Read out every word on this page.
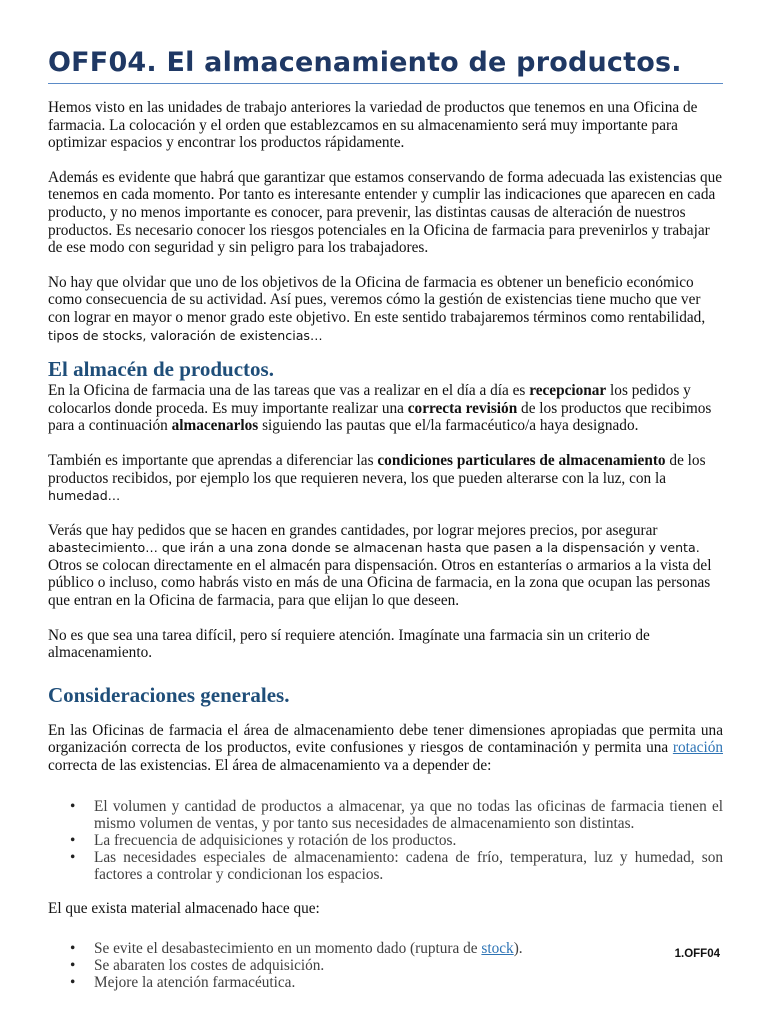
OFF04. El almacenamiento de productos.

Hemos visto en las unidades de trabajo anteriores la variedad de productos que tenemos en una Oficina de farmacia. La colocación y el orden que establezcamos en su almacenamiento será muy importante para optimizar espacios y encontrar los productos rápidamente.

Además es evidente que habrá que garantizar que estamos conservando de forma adecuada las existencias que tenemos en cada momento. Por tanto es interesante entender y cumplir las indicaciones que aparecen en cada producto, y no menos importante es conocer, para prevenir, las distintas causas de alteración de nuestros productos. Es necesario conocer los riesgos potenciales en la Oficina de farmacia para prevenirlos y trabajar de ese modo con seguridad y sin peligro para los trabajadores.

No hay que olvidar que uno de los objetivos de la Oficina de farmacia es obtener un beneficio económico como consecuencia de su actividad. Así pues, veremos cómo la gestión de existencias tiene mucho que ver con lograr en mayor o menor grado este objetivo. En este sentido trabajaremos términos como rentabilidad, tipos de stocks, valoración de existencias…

El almacén de productos.

En la Oficina de farmacia una de las tareas que vas a realizar en el día a día es recepcionar los pedidos y colocarlos donde proceda. Es muy importante realizar una correcta revisión de los productos que recibimos para a continuación almacenarlos siguiendo las pautas que el/la farmacéutico/a haya designado.

También es importante que aprendas a diferenciar las condiciones particulares de almacenamiento de los productos recibidos, por ejemplo los que requieren nevera, los que pueden alterarse con la luz, con la
humedad…

Verás que hay pedidos que se hacen en grandes cantidades, por lograr mejores precios, por asegurar
abastecimiento… que irán a una zona donde se almacenan hasta que pasen a la dispensación y venta. Otros se colocan directamente en el almacén para dispensación. Otros en estanterías o armarios a la vista del público o incluso, como habrás visto en más de una Oficina de farmacia, en la zona que ocupan las personas que entran en la Oficina de farmacia, para que elijan lo que deseen.

No es que sea una tarea difícil, pero sí requiere atención. Imagínate una farmacia sin un criterio de almacenamiento.

Consideraciones generales.

En las Oficinas de farmacia el área de almacenamiento debe tener dimensiones apropiadas que permita una organización correcta de los productos, evite confusiones y riesgos de contaminación y permita una rotación correcta de las existencias. El área de almacenamiento va a depender de:

• El volumen y cantidad de productos a almacenar, ya que no todas las oficinas de farmacia tienen el mismo volumen de ventas, y por tanto sus necesidades de almacenamiento son distintas.
• La frecuencia de adquisiciones y rotación de los productos.
• Las necesidades especiales de almacenamiento: cadena de frío, temperatura, luz y humedad, son factores a controlar y condicionan los espacios.

El que exista material almacenado hace que:

• Se evite el desabastecimiento en un momento dado (ruptura de stock).
• Se abaraten los costes de adquisición.
• Mejore la atención farmacéutica.
1.OFF04
